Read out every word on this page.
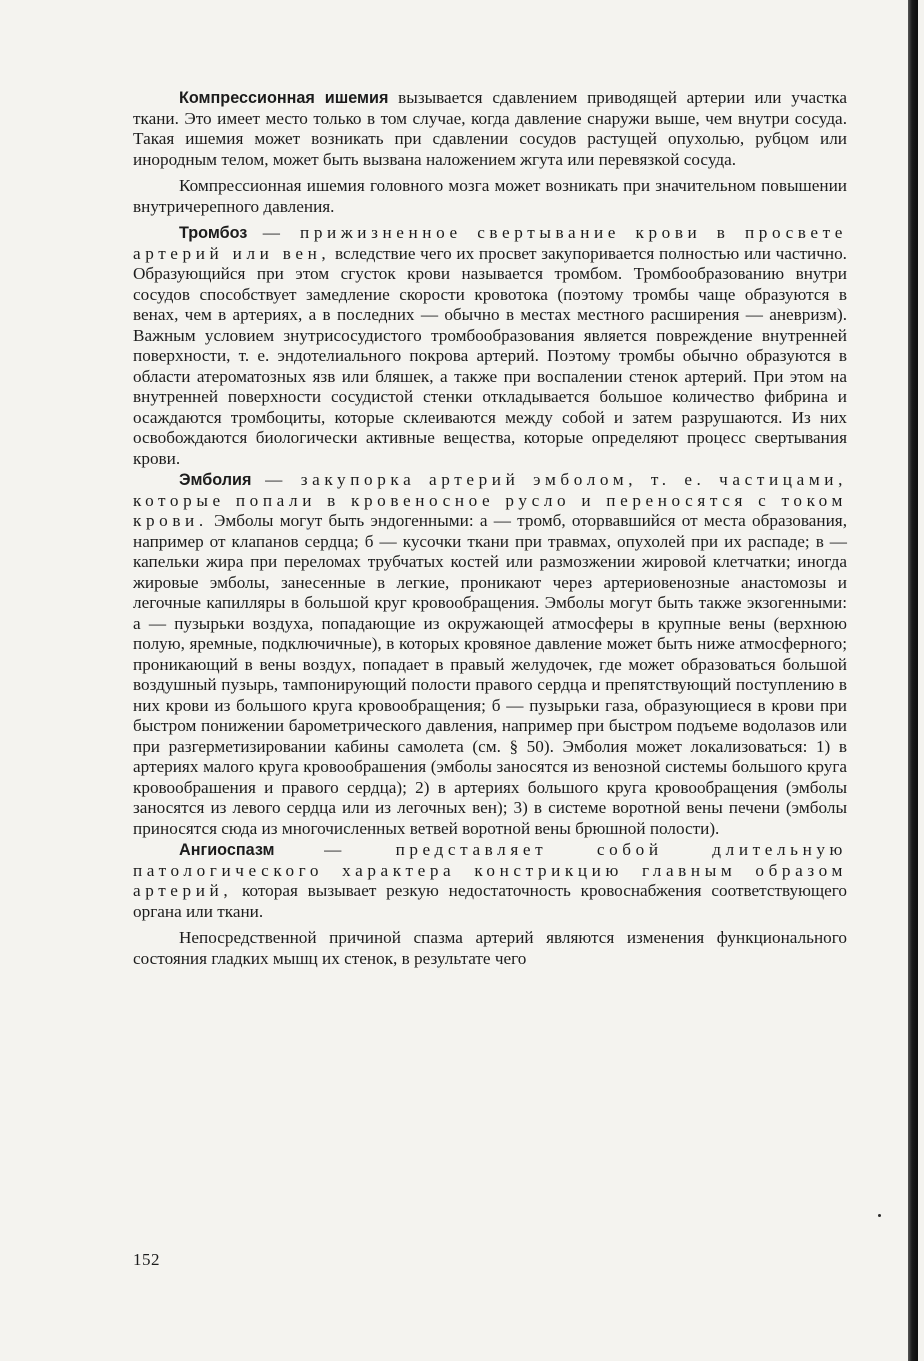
Компрессионная ишемия вызывается сдавлением приводящей артерии или участка ткани. Это имеет место только в том случае, когда давление снаружи выше, чем внутри сосуда. Такая ишемия может возникать при сдавлении сосудов растущей опухолью, рубцом или инородным телом, может быть вызвана наложением жгута или перевязкой сосуда.

Компрессионная ишемия головного мозга может возникать при значительном повышении внутричерепного давления.

Тромбоз — прижизненное свертывание крови в просвете артерий или вен, вследствие чего их просвет закупоривается полностью или частично. Образующийся при этом сгусток крови называется тромбом. Тромбообразованию внутри сосудов способствует замедление скорости кровотока (поэтому тромбы чаще образуются в венах, чем в артериях, а в последних — обычно в местах местного расширения — аневризм). Важным условием знутрисосудистого тромбообразования является повреждение внутренней поверхности, т. е. эндотелиального покрова артерий. Поэтому тромбы обычно образуются в области атероматозных язв или бляшек, а также при воспалении стенок артерий. При этом на внутренней поверхности сосудистой стенки откладывается большое количество фибрина и осаждаются тромбоциты, которые склеиваются между собой и затем разрушаются. Из них освобождаются биологически активные вещества, которые определяют процесс свертывания крови.

Эмболия — закупорка артерий эмболом, т. е. частицами, которые попали в кровеносное русло и переносятся с током крови. Эмболы могут быть эндогенными: а — тромб, оторвавшийся от места образования, например от клапанов сердца; б — кусочки ткани при травмах, опухолей при их распаде; в — капельки жира при переломах трубчатых костей или размозжении жировой клетчатки; иногда жировые эмболы, занесенные в легкие, проникают через артериовенозные анастомозы и легочные капилляры в большой круг кровообращения. Эмболы могут быть также экзогенными: а — пузырьки воздуха, попадающие из окружающей атмосферы в крупные вены (верхнюю полую, яремные, подключичные), в которых кровяное давление может быть ниже атмосферного; проникающий в вены воздух, попадает в правый желудочек, где может образоваться большой воздушный пузырь, тампонирующий полости правого сердца и препятствующий поступлению в них крови из большого круга кровообращения; б — пузырьки газа, образующиеся в крови при быстром понижении барометрического давления, например при быстром подъеме водолазов или при разгерметизировании кабины самолета (см. § 50). Эмболия может локализоваться: 1) в артериях малого круга кровообрашения (эмболы заносятся из венозной системы большого круга кровообрашения и правого сердца); 2) в артериях большого круга кровообращения (эмболы заносятся из левого сердца или из легочных вен); 3) в системе воротной вены печени (эмболы приносятся сюда из многочисленных ветвей воротной вены брюшной полости).

Ангиоспазм — представляет собой длительную патологического характера констрикцию главным образом артерий, которая вызывает резкую недостаточность кровоснабжения соответствующего органа или ткани.

Непосредственной причиной спазма артерий являются изменения функционального состояния гладких мышц их стенок, в результате чего

152
